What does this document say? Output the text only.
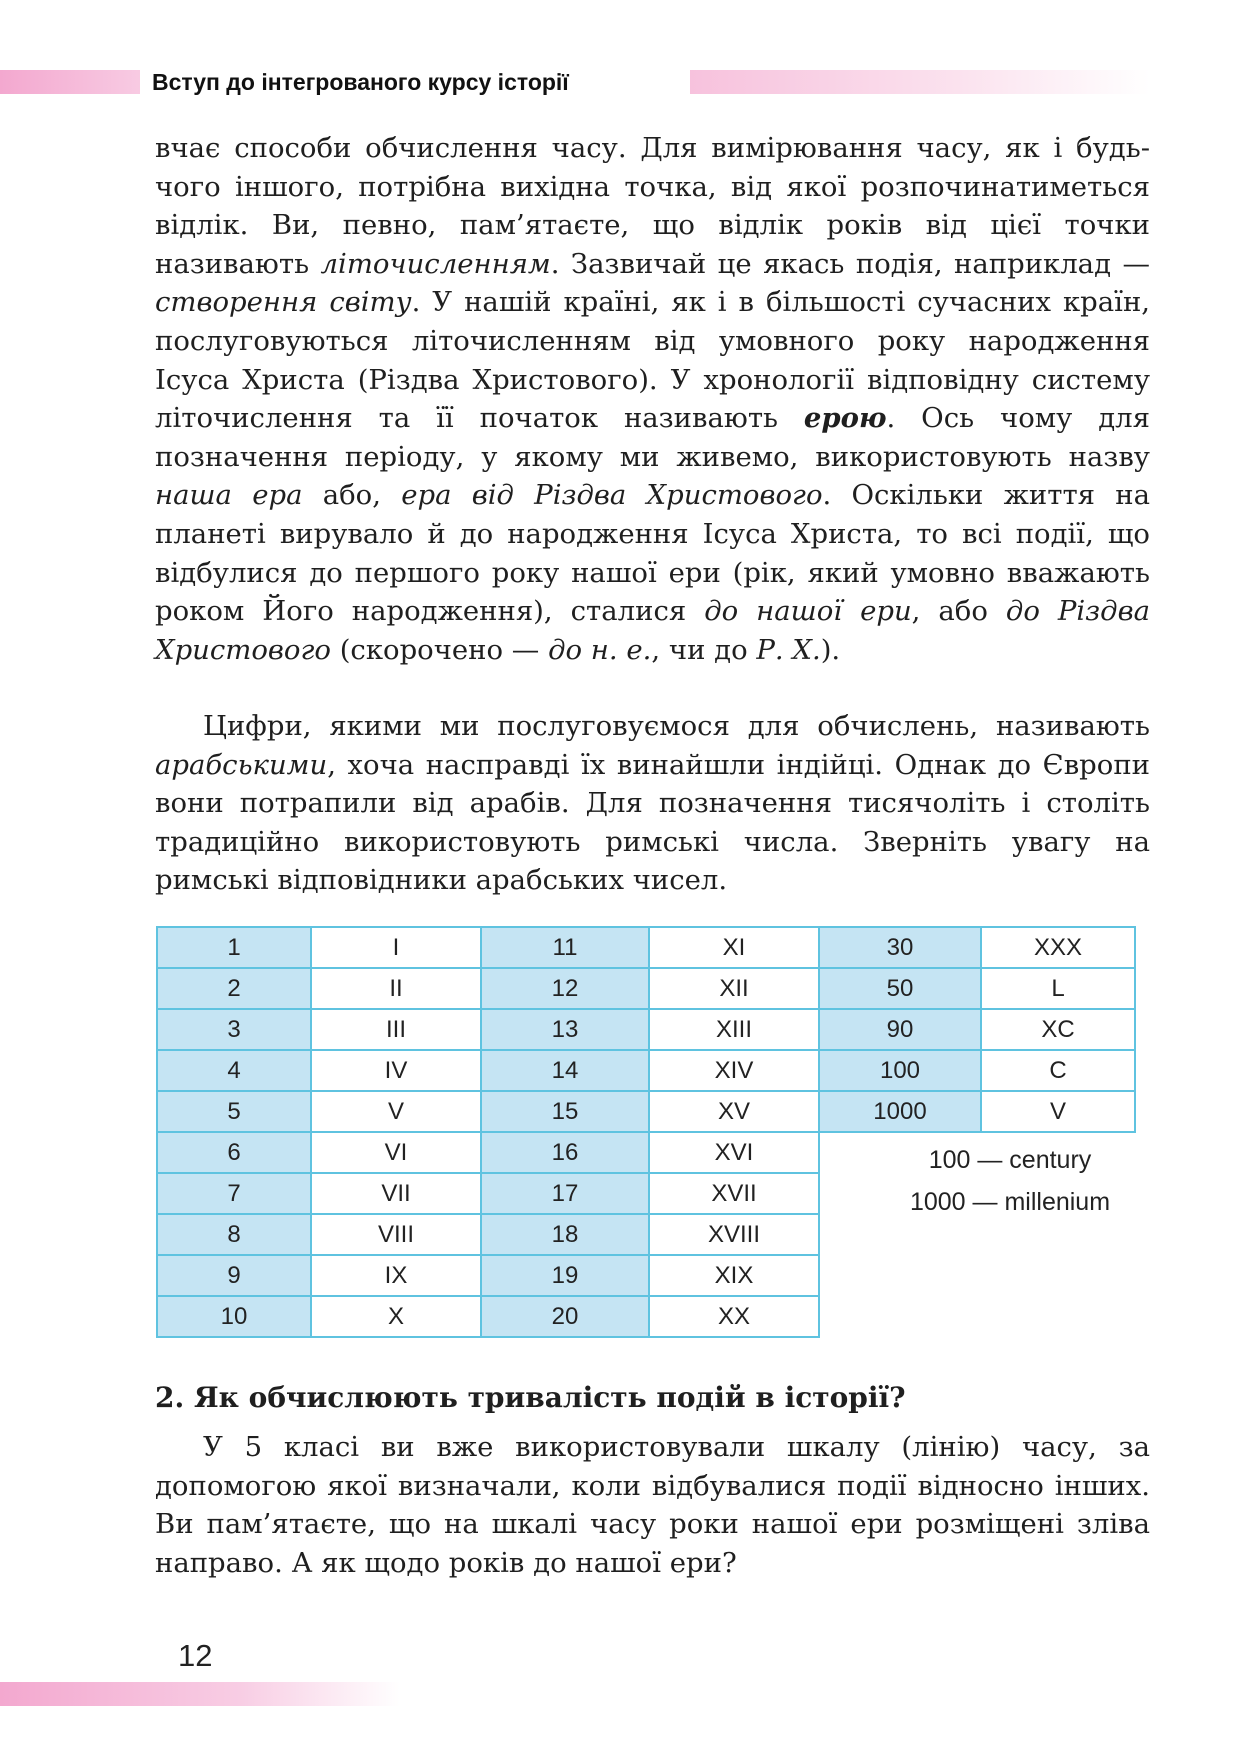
Вступ до інтегрованого курсу історії

вчає способи обчислення часу. Для вимірювання часу, як і будь-чого іншого, потрібна вихідна точка, від якої розпочинатиметься відлік. Ви, певно, пам’ятаєте, що відлік років від цієї точки називають літочисленням. Зазвичай це якась подія, наприклад — створення світу. У нашій країні, як і в більшості сучасних країн, послуговуються літочисленням від умовного року народження Ісуса Христа (Різдва Христового). У хронології відповідну систему літочислення та її початок називають ерою. Ось чому для позначення періоду, у якому ми живемо, використовують назву наша ера або, ера від Різдва Христового. Оскільки життя на планеті вирувало й до народження Ісуса Христа, то всі події, що відбулися до першого року нашої ери (рік, який умовно вважають роком Його народження), сталися до нашої ери, або до Різдва Христового (скорочено — до н. е., чи до Р. Х.).

Цифри, якими ми послуговуємося для обчислень, називають арабськими, хоча насправді їх винайшли індійці. Однак до Європи вони потрапили від арабів. Для позначення тисячоліть і століть традиційно використовують римські числа. Зверніть увагу на римські відповідники арабських чисел.

1	I	11	XI	30	XXX
2	II	12	XII	50	L
3	III	13	XIII	90	XC
4	IV	14	XIV	100	C
5	V	15	XV	1000	V
6	VI	16	XVI		
7	VII	17	XVII		
8	VIII	18	XVIII		
9	IX	19	XIX		
10	X	20	XX		
100 — century
1000 — millenium
2. Як обчислюють тривалість подій в історії?

У 5 класі ви вже використовували шкалу (лінію) часу, за допомогою якої визначали, коли відбувалися події відносно інших. Ви пам’ятаєте, що на шкалі часу роки нашої ери розміщені зліва направо. А як щодо років до нашої ери?

12
